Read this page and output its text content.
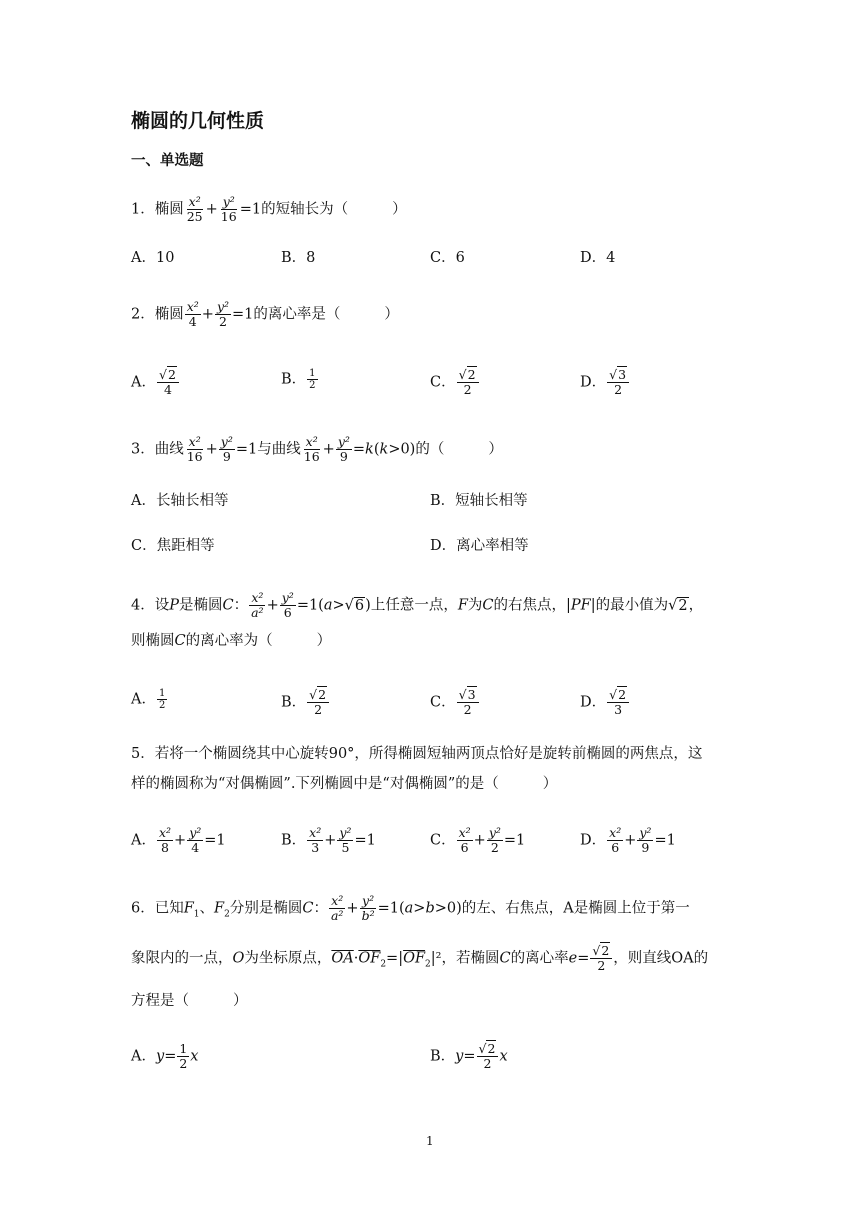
椭圆的几何性质
一、单选题
1．椭圆 $\frac{\text{x²}}{25} + \frac{\text{y²}}{16} =1$的短轴长为（	）
A．10	B．8	C．6	D．4
2．椭圆 $\frac{\text{x²}}{4} + \frac{\text{y²}}{2} =1$的离心率是（	）
A． $\frac{√2}{4}$	B． $\frac{1}{2}$	C． $\frac{√2}{2}$	D． $\frac{√3}{2}$
3．曲线 $\frac{\text{x²}}{16} + \frac{\text{y²}}{9} =1$与曲线 $\frac{\text{x²}}{16} + \frac{\text{y²}}{9} =k(k>0)$的（	）
A．长轴长相等	B．短轴长相等
C．焦距相等	D．离心率相等
4．设P是椭圆C： $\frac{\text{x²}}{\text{a²}} + \frac{\text{y²}}{6} =1(a>√6)$上任意一点，F为C的右焦点，|PF|的最小值为√2，
则椭圆C的离心率为（	）
A． $\frac{1}{2}$	B． $\frac{√2}{2}$	C． $\frac{√3}{2}$	D． $\frac{√2}{3}$
5．若将一个椭圆绕其中心旋转90°，所得椭圆短轴两顶点恰好是旋转前椭圆的两焦点，这
样的椭圆称为“对偶椭圆”.下列椭圆中是“对偶椭圆”的是（	）
A． $\frac{\text{x²}}{8} + \frac{\text{y²}}{4} =1$	B． $\frac{\text{x²}}{3} + \frac{\text{y²}}{5} =1$	C． $\frac{\text{x²}}{6} + \frac{\text{y²}}{2} =1$	D． $\frac{\text{x²}}{6} + \frac{\text{y²}}{9} =1$
6．已知$F_1$、$F_2$分别是椭圆C： $\frac{\text{x²}}{\text{a²}} + \frac{\text{y²}}{\text{b²}} =1(a>b>0)$的左、右焦点，A是椭圆上位于第一
象限内的一点，O为坐标原点，$\overline{OA}\cdot\overline{OF}_2=|\overline{OF}_2|^2$，若椭圆C的离心率$e= \frac{√2}{2}$ ，则直线OA的
方程是（	）
A．$y= \frac{1}{2}$ x	B．$y= \frac{√2}{2}$ x
1
